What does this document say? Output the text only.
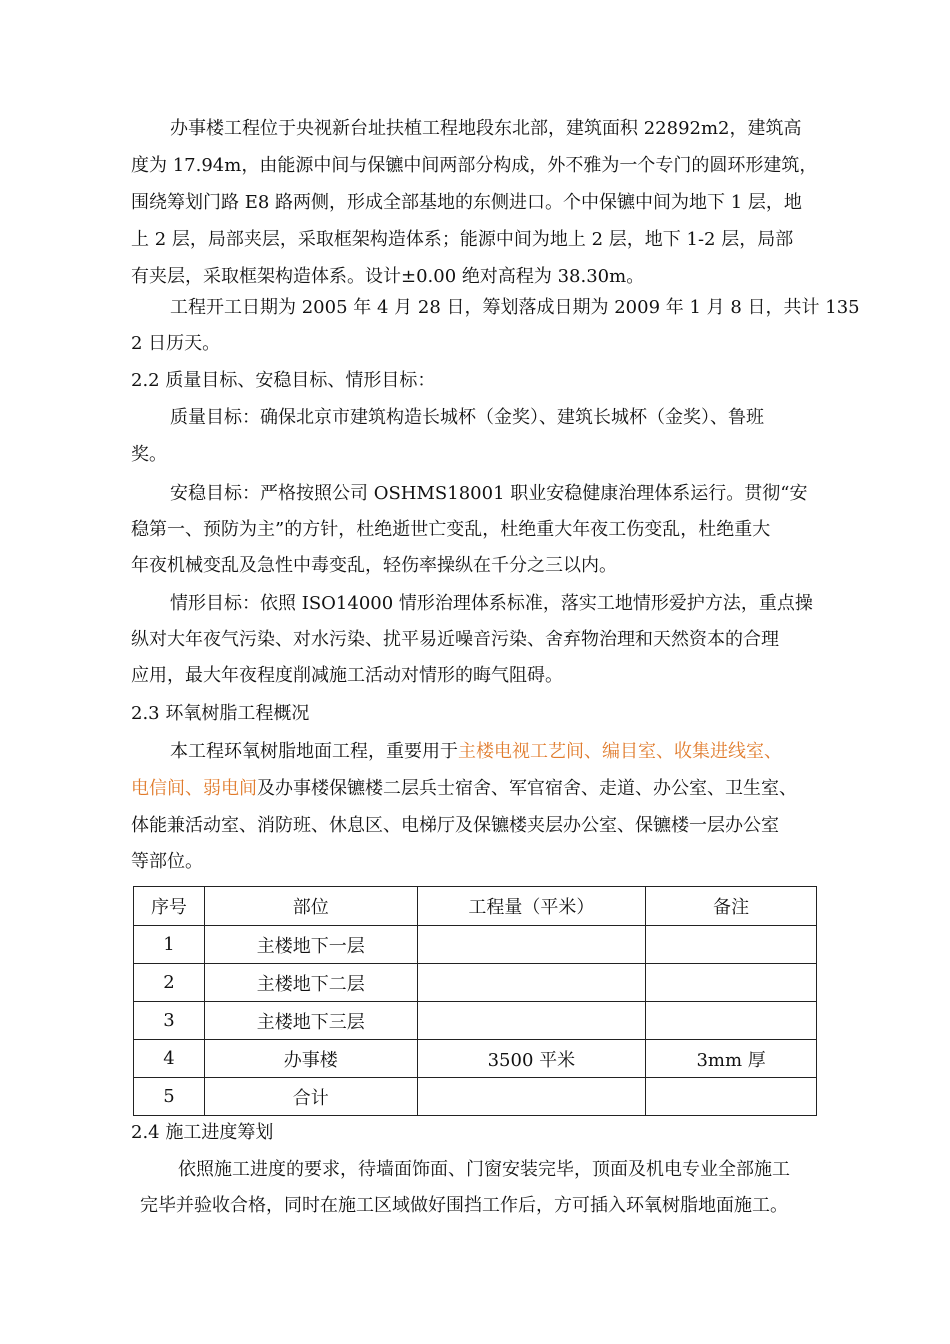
办事楼工程位于央视新台址扶植工程地段东北部，建筑面积 22892m2，建筑高
度为 17.94m，由能源中间与保镳中间两部分构成，外不雅为一个专门的圆环形建筑，
围绕筹划门路 E8 路两侧，形成全部基地的东侧进口。个中保镳中间为地下 1 层，地
上 2 层，局部夹层，采取框架构造体系；能源中间为地上 2 层，地下 1-2 层，局部
有夹层，采取框架构造体系。设计±0.00 绝对高程为 38.30m。
工程开工日期为 2005 年 4 月 28 日，筹划落成日期为 2009 年 1 月 8 日，共计 135
2 日历天。
2.2 质量目标、安稳目标、情形目标：
质量目标：确保北京市建筑构造长城杯（金奖）、建筑长城杯（金奖）、鲁班
奖。
安稳目标：严格按照公司 OSHMS18001 职业安稳健康治理体系运行。贯彻“安
稳第一、预防为主”的方针，杜绝逝世亡变乱，杜绝重大年夜工伤变乱，杜绝重大
年夜机械变乱及急性中毒变乱，轻伤率操纵在千分之三以内。
情形目标：依照 ISO14000 情形治理体系标准，落实工地情形爱护方法，重点操
纵对大年夜气污染、对水污染、扰平易近噪音污染、舍弃物治理和天然资本的合理
应用，最大年夜程度削减施工活动对情形的晦气阻碍。
2.3 环氧树脂工程概况
本工程环氧树脂地面工程，重要用于主楼电视工艺间、编目室、收集进线室、
电信间、弱电间及办事楼保镳楼二层兵士宿舍、军官宿舍、走道、办公室、卫生室、
体能兼活动室、消防班、休息区、电梯厅及保镳楼夹层办公室、保镳楼一层办公室
等部位。
序号	部位	工程量（平米）	备注
1	主楼地下一层		
2	主楼地下二层		
3	主楼地下三层		
4	办事楼	3500 平米	3mm 厚
5	合计		
2.4 施工进度筹划
依照施工进度的要求，待墙面饰面、门窗安装完毕，顶面及机电专业全部施工
完毕并验收合格，同时在施工区域做好围挡工作后，方可插入环氧树脂地面施工。
